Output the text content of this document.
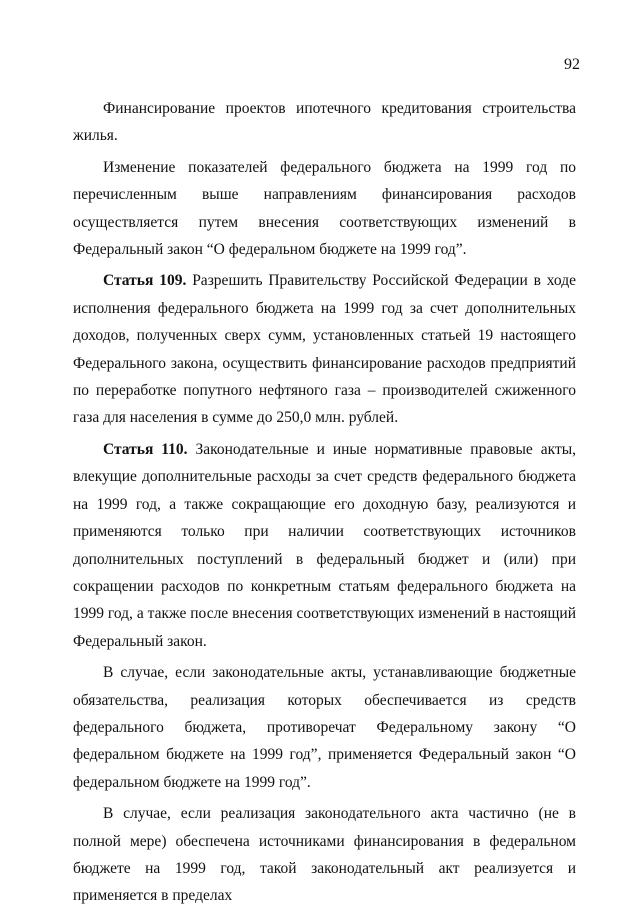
92

Финансирование проектов ипотечного кредитования строительства жилья.

Изменение показателей федерального бюджета на 1999 год по перечисленным выше направлениям финансирования расходов осуществляется путем внесения соответствующих изменений в Федеральный закон “О федеральном бюджете на 1999 год”.

Статья 109. Разрешить Правительству Российской Федерации в ходе исполнения федерального бюджета на 1999 год за счет дополнительных доходов, полученных сверх сумм, установленных статьей 19 настоящего Федерального закона, осуществить финансирование расходов предприятий по переработке попутного нефтяного газа – производителей сжиженного газа для населения в сумме до 250,0 млн. рублей.

Статья 110. Законодательные и иные нормативные правовые акты, влекущие дополнительные расходы за счет средств федерального бюджета на 1999 год, а также сокращающие его доходную базу, реализуются и применяются только при наличии соответствующих источников дополнительных поступлений в федеральный бюджет и (или) при сокращении расходов по конкретным статьям федерального бюджета на 1999 год, а также после внесения соответствующих изменений в настоящий Федеральный закон.

В случае, если законодательные акты, устанавливающие бюджетные обязательства, реализация которых обеспечивается из средств федерального бюджета, противоречат Федеральному закону “О федеральном бюджете на 1999 год”, применяется Федеральный закон “О федеральном бюджете на 1999 год”.

В случае, если реализация законодательного акта частично (не в полной мере) обеспечена источниками финансирования в федеральном бюджете на 1999 год, такой законодательный акт реализуется и применяется в пределах
